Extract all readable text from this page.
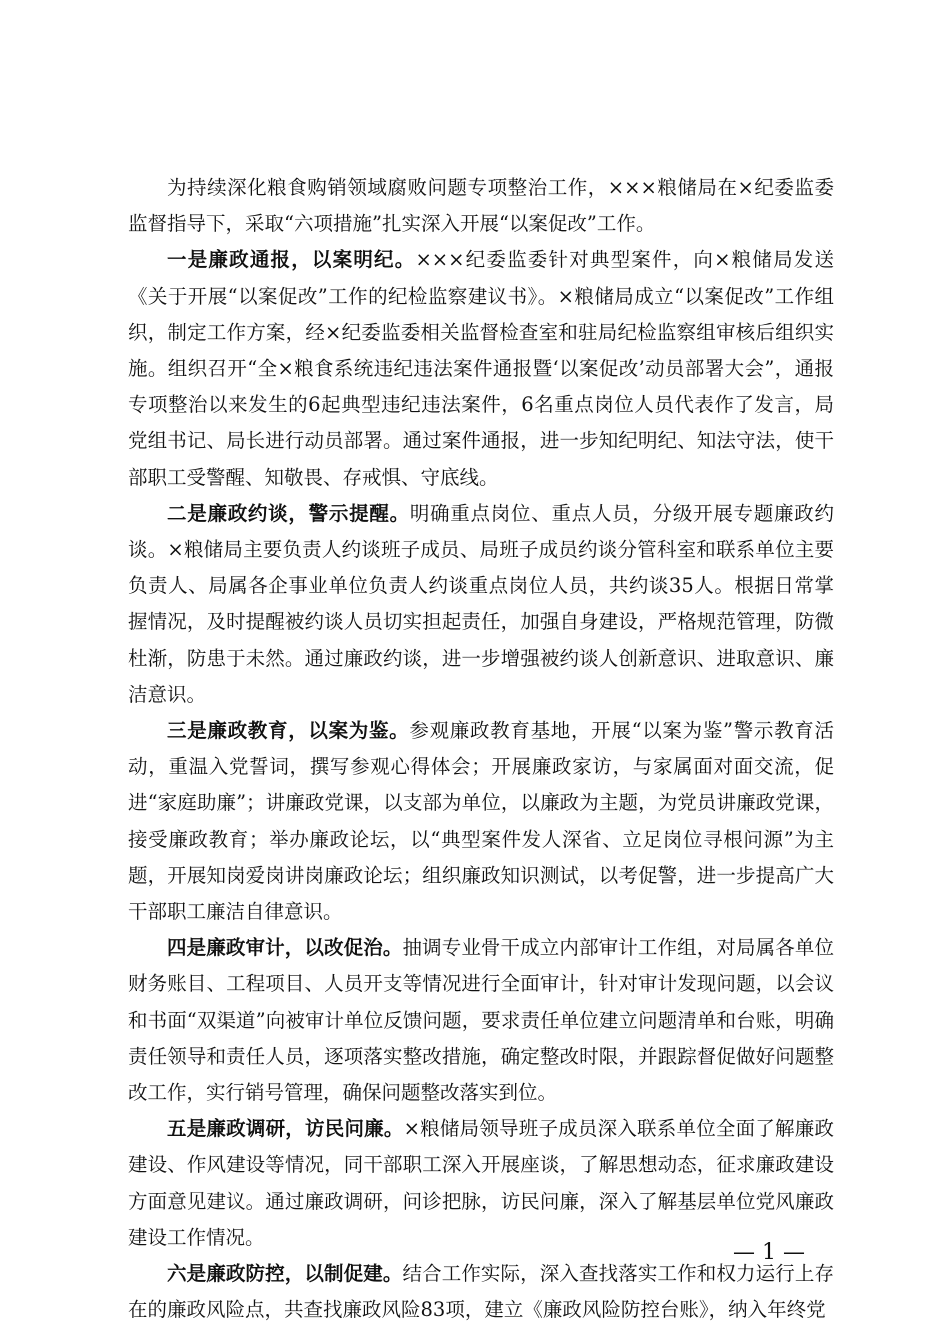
为持续深化粮食购销领域腐败问题专项整治工作，×××粮储局在×纪委监委监督指导下，采取“六项措施”扎实深入开展“以案促改”工作。

一是廉政通报，以案明纪。×××纪委监委针对典型案件，向×粮储局发送《关于开展“以案促改”工作的纪检监察建议书》。×粮储局成立“以案促改”工作组织，制定工作方案，经×纪委监委相关监督检查室和驻局纪检监察组审核后组织实施。组织召开“全×粮食系统违纪违法案件通报暨‘以案促改’动员部署大会”，通报专项整治以来发生的6起典型违纪违法案件，6名重点岗位人员代表作了发言，局党组书记、局长进行动员部署。通过案件通报，进一步知纪明纪、知法守法，使干部职工受警醒、知敬畏、存戒惧、守底线。

二是廉政约谈，警示提醒。明确重点岗位、重点人员，分级开展专题廉政约谈。×粮储局主要负责人约谈班子成员、局班子成员约谈分管科室和联系单位主要负责人、局属各企事业单位负责人约谈重点岗位人员，共约谈35人。根据日常掌握情况，及时提醒被约谈人员切实担起责任，加强自身建设，严格规范管理，防微杜渐，防患于未然。通过廉政约谈，进一步增强被约谈人创新意识、进取意识、廉洁意识。

三是廉政教育，以案为鉴。参观廉政教育基地，开展“以案为鉴”警示教育活动，重温入党誓词，撰写参观心得体会；开展廉政家访，与家属面对面交流，促进“家庭助廉”；讲廉政党课，以支部为单位，以廉政为主题，为党员讲廉政党课，接受廉政教育；举办廉政论坛，以“典型案件发人深省、立足岗位寻根问源”为主题，开展知岗爱岗讲岗廉政论坛；组织廉政知识测试，以考促警，进一步提高广大干部职工廉洁自律意识。

四是廉政审计，以改促治。抽调专业骨干成立内部审计工作组，对局属各单位财务账目、工程项目、人员开支等情况进行全面审计，针对审计发现问题，以会议和书面“双渠道”向被审计单位反馈问题，要求责任单位建立问题清单和台账，明确责任领导和责任人员，逐项落实整改措施，确定整改时限，并跟踪督促做好问题整改工作，实行销号管理，确保问题整改落实到位。

五是廉政调研，访民问廉。×粮储局领导班子成员深入联系单位全面了解廉政建设、作风建设等情况，同干部职工深入开展座谈，了解思想动态，征求廉政建设方面意见建议。通过廉政调研，问诊把脉，访民问廉，深入了解基层单位党风廉政建设工作情况。

六是廉政防控，以制促建。结合工作实际，深入查找落实工作和权力运行上存在的廉政风险点，共查找廉政风险83项，建立《廉政风险防控台账》，纳入年终党

— 1 —
